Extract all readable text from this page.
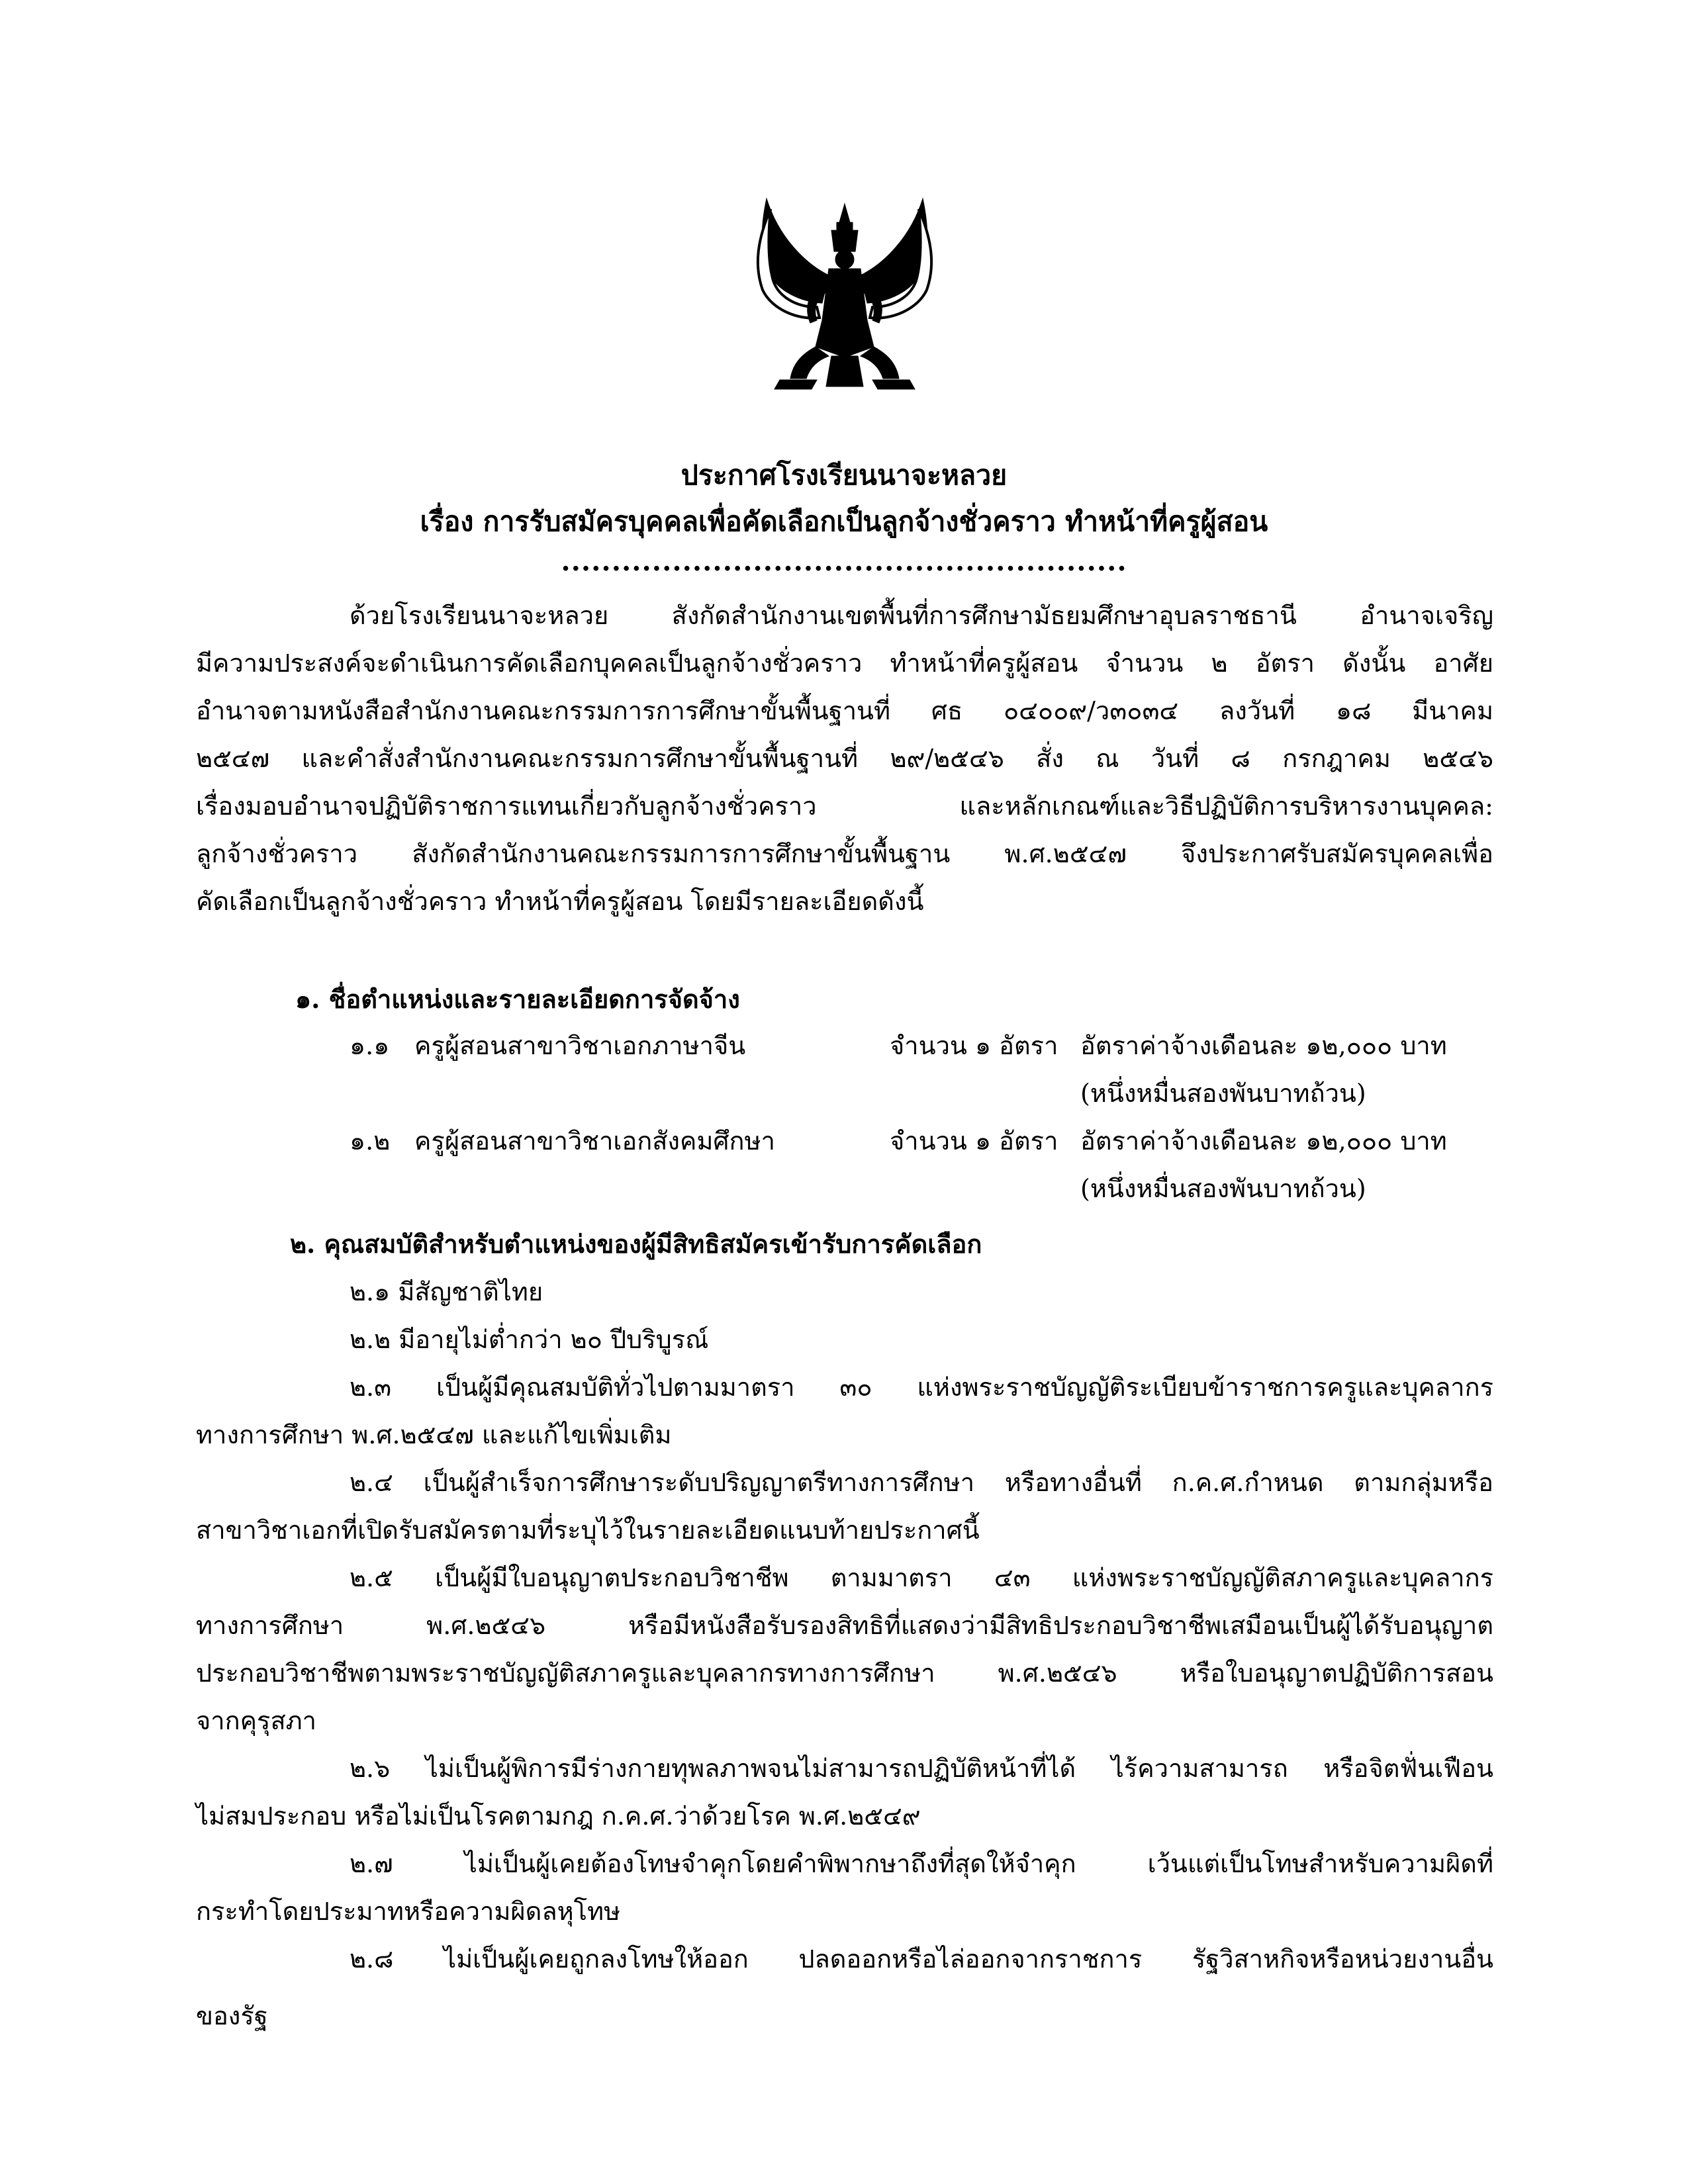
ประกาศโรงเรียนนาจะหลวย
เรื่อง การรับสมัครบุคคลเพื่อคัดเลือกเป็นลูกจ้างชั่วคราว ทำหน้าที่ครูผู้สอน
........................................................
ด้วยโรงเรียนนาจะหลวย สังกัดสำนักงานเขตพื้นที่การศึกษามัธยมศึกษาอุบลราชธานี อำนาจเจริญ
มีความประสงค์จะดำเนินการคัดเลือกบุคคลเป็นลูกจ้างชั่วคราว ทำหน้าที่ครูผู้สอน จำนวน ๒ อัตรา ดังนั้น อาศัย
อำนาจตามหนังสือสำนักงานคณะกรรมการการศึกษาขั้นพื้นฐานที่ ศธ ๐๔๐๐๙/ว๓๐๓๔ ลงวันที่ ๑๘ มีนาคม
๒๕๔๗ และคำสั่งสำนักงานคณะกรรมการศึกษาขั้นพื้นฐานที่ ๒๙/๒๕๔๖ สั่ง ณ วันที่ ๘ กรกฎาคม ๒๕๔๖
เรื่องมอบอำนาจปฏิบัติราชการแทนเกี่ยวกับลูกจ้างชั่วคราว และหลักเกณฑ์และวิธีปฏิบัติการบริหารงานบุคคล:
ลูกจ้างชั่วคราว สังกัดสำนักงานคณะกรรมการการศึกษาขั้นพื้นฐาน พ.ศ.๒๕๔๗ จึงประกาศรับสมัครบุคคลเพื่อ
คัดเลือกเป็นลูกจ้างชั่วคราว ทำหน้าที่ครูผู้สอน โดยมีรายละเอียดดังนี้
๑. ชื่อตำแหน่งและรายละเอียดการจัดจ้าง
๑.๑ ครูผู้สอนสาขาวิชาเอกภาษาจีน	จำนวน ๑ อัตรา อัตราค่าจ้างเดือนละ ๑๒,๐๐๐ บาท
(หนึ่งหมื่นสองพันบาทถ้วน)
๑.๒ ครูผู้สอนสาขาวิชาเอกสังคมศึกษา	จำนวน ๑ อัตรา อัตราค่าจ้างเดือนละ ๑๒,๐๐๐ บาท
(หนึ่งหมื่นสองพันบาทถ้วน)
๒. คุณสมบัติสำหรับตำแหน่งของผู้มีสิทธิสมัครเข้ารับการคัดเลือก
๒.๑ มีสัญชาติไทย
๒.๒ มีอายุไม่ต่ำกว่า ๒๐ ปีบริบูรณ์
๒.๓ เป็นผู้มีคุณสมบัติทั่วไปตามมาตรา ๓๐ แห่งพระราชบัญญัติระเบียบข้าราชการครูและบุคลากร
ทางการศึกษา พ.ศ.๒๕๔๗ และแก้ไขเพิ่มเติม
๒.๔ เป็นผู้สำเร็จการศึกษาระดับปริญญาตรีทางการศึกษา หรือทางอื่นที่ ก.ค.ศ.กำหนด ตามกลุ่มหรือ
สาขาวิชาเอกที่เปิดรับสมัครตามที่ระบุไว้ในรายละเอียดแนบท้ายประกาศนี้
๒.๕ เป็นผู้มีใบอนุญาตประกอบวิชาชีพ ตามมาตรา ๔๓ แห่งพระราชบัญญัติสภาครูและบุคลากร
ทางการศึกษา พ.ศ.๒๕๔๖ หรือมีหนังสือรับรองสิทธิที่แสดงว่ามีสิทธิประกอบวิชาชีพเสมือนเป็นผู้ได้รับอนุญาต
ประกอบวิชาชีพตามพระราชบัญญัติสภาครูและบุคลากรทางการศึกษา พ.ศ.๒๕๔๖ หรือใบอนุญาตปฏิบัติการสอน
จากคุรุสภา
๒.๖ ไม่เป็นผู้พิการมีร่างกายทุพลภาพจนไม่สามารถปฏิบัติหน้าที่ได้ ไร้ความสามารถ หรือจิตฟั่นเฟือน
ไม่สมประกอบ หรือไม่เป็นโรคตามกฎ ก.ค.ศ.ว่าด้วยโรค พ.ศ.๒๕๔๙
๒.๗ ไม่เป็นผู้เคยต้องโทษจำคุกโดยคำพิพากษาถึงที่สุดให้จำคุก เว้นแต่เป็นโทษสำหรับความผิดที่
กระทำโดยประมาทหรือความผิดลหุโทษ
๒.๘ ไม่เป็นผู้เคยถูกลงโทษให้ออก ปลดออกหรือไล่ออกจากราชการ รัฐวิสาหกิจหรือหน่วยงานอื่น
ของรัฐ
